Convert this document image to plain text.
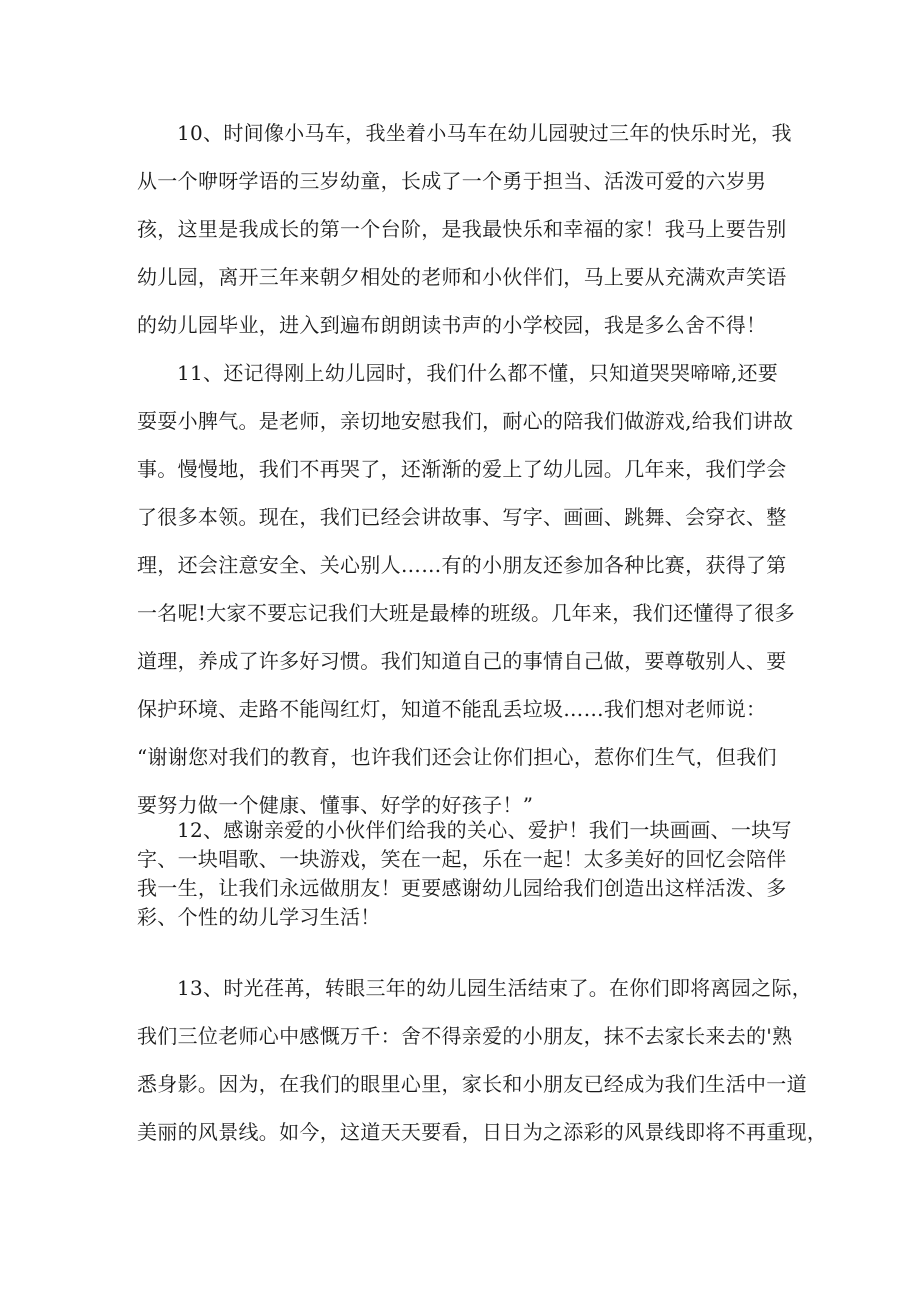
10、时间像小马车，我坐着小马车在幼儿园驶过三年的快乐时光，我
从一个咿呀学语的三岁幼童，长成了一个勇于担当、活泼可爱的六岁男
孩，这里是我成长的第一个台阶，是我最快乐和幸福的家！我马上要告别
幼儿园，离开三年来朝夕相处的老师和小伙伴们，马上要从充满欢声笑语
的幼儿园毕业，进入到遍布朗朗读书声的小学校园，我是多么舍不得！
11、还记得刚上幼儿园时，我们什么都不懂，只知道哭哭啼啼,还要
耍耍小脾气。是老师，亲切地安慰我们，耐心的陪我们做游戏,给我们讲故
事。慢慢地，我们不再哭了，还渐渐的爱上了幼儿园。几年来，我们学会
了很多本领。现在，我们已经会讲故事、写字、画画、跳舞、会穿衣、整
理，还会注意安全、关心别人……有的小朋友还参加各种比赛，获得了第
一名呢!大家不要忘记我们大班是最棒的班级。几年来，我们还懂得了很多
道理，养成了许多好习惯。我们知道自己的事情自己做，要尊敬别人、要
保护环境、走路不能闯红灯，知道不能乱丢垃圾……我们想对老师说：
“谢谢您对我们的教育，也许我们还会让你们担心，惹你们生气，但我们
要努力做一个健康、懂事、好学的好孩子！”
12、感谢亲爱的小伙伴们给我的关心、爱护！我们一块画画、一块写
字、一块唱歌、一块游戏，笑在一起，乐在一起！太多美好的回忆会陪伴
我一生，让我们永远做朋友！更要感谢幼儿园给我们创造出这样活泼、多
彩、个性的幼儿学习生活！
13、时光荏苒，转眼三年的幼儿园生活结束了。在你们即将离园之际，
我们三位老师心中感慨万千：舍不得亲爱的小朋友，抹不去家长来去的'熟
悉身影。因为，在我们的眼里心里，家长和小朋友已经成为我们生活中一道
美丽的风景线。如今，这道天天要看，日日为之添彩的风景线即将不再重现，
